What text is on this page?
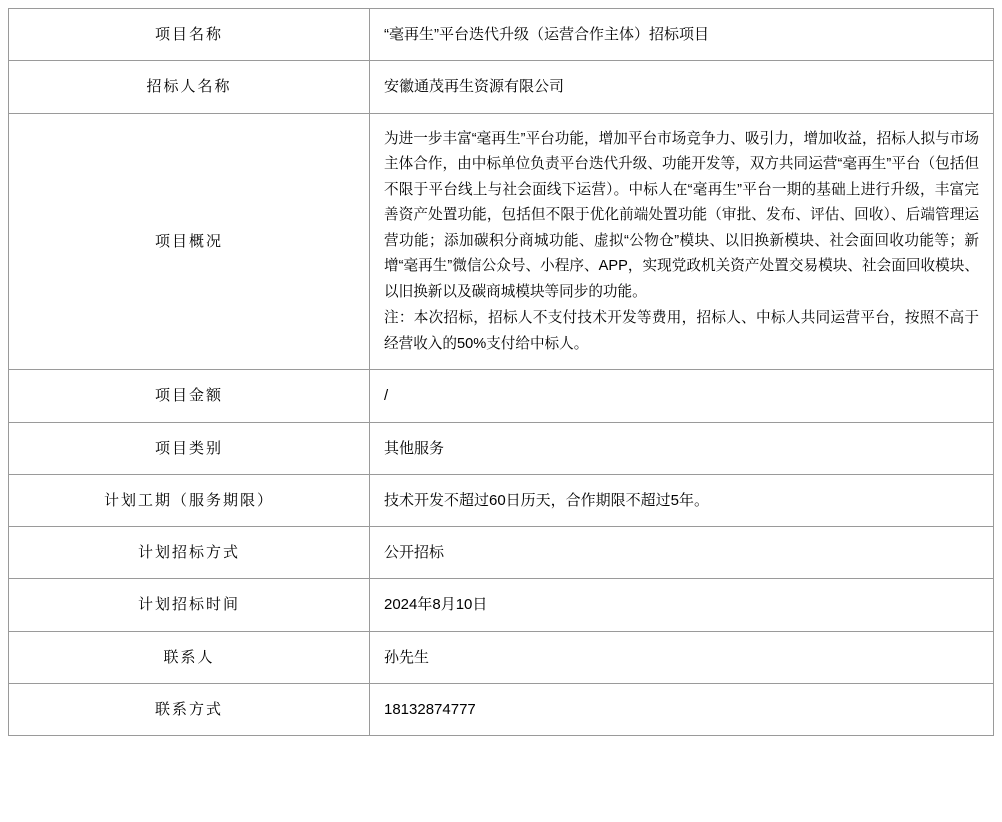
项目名称	“毫再生”平台迭代升级（运营合作主体）招标项目
招标人名称	安徽通茂再生资源有限公司
项目概况	为进一步丰富“毫再生”平台功能，增加平台市场竞争力、吸引力，增加收益，招标人拟与市场主体合作，由中标单位负责平台迭代升级、功能开发等，双方共同运营“毫再生”平台（包括但不限于平台线上与社会面线下运营）。中标人在“毫再生”平台一期的基础上进行升级，丰富完善资产处置功能，包括但不限于优化前端处置功能（审批、发布、评估、回收）、后端管理运营功能；添加碳积分商城功能、虚拟“公物仓”模块、以旧换新模块、社会面回收功能等；新增“毫再生”微信公众号、小程序、APP，实现党政机关资产处置交易模块、社会面回收模块、以旧换新以及碳商城模块等同步的功能。

注：本次招标，招标人不支付技术开发等费用，招标人、中标人共同运营平台，按照不高于经营收入的50%支付给中标人。

项目金额	/
项目类别	其他服务
计划工期（服务期限）	技术开发不超过60日历天，合作期限不超过5年。
计划招标方式	公开招标
计划招标时间	2024年8月10日
联系人	孙先生
联系方式	18132874777
